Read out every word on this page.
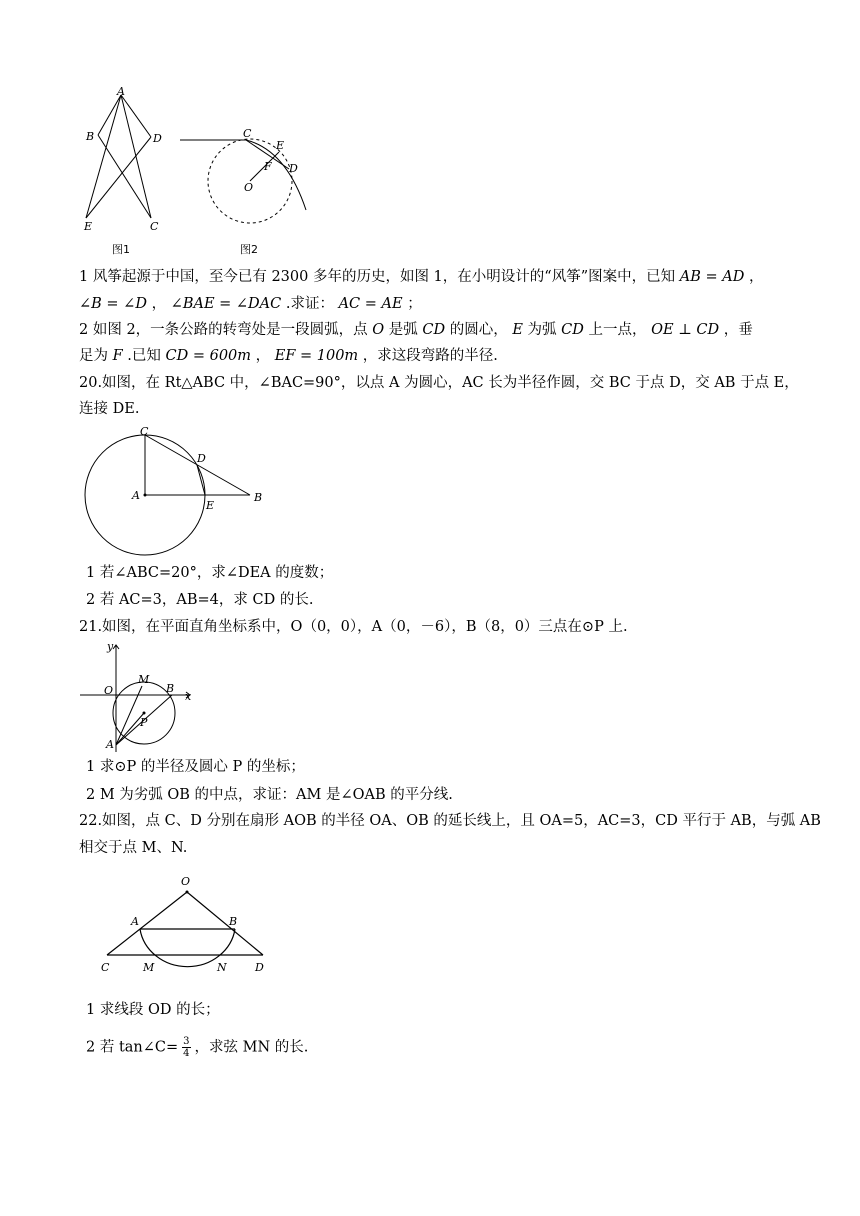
A
B	D
E	C
图1
C
E
F D
O
图2
1 风筝起源于中国，至今已有 2300 多年的历史，如图 1，在小明设计的“风筝”图案中，已知 AB = AD ，
∠B = ∠D ， ∠BAE = ∠DAC .求证： AC = AE ；
2 如图 2，一条公路的转弯处是一段圆弧，点 O 是弧 CD 的圆心， E 为弧 CD 上一点， OE ⊥ CD ，垂
足为 F .已知 CD = 600m ， EF = 100m ，求这段弯路的半径.
20.如图，在 Rt△ABC 中，∠BAC=90°，以点 A 为圆心，AC 长为半径作圆，交 BC 于点 D，交 AB 于点 E，
连接 DE.
C
D
A	B
E
1 若∠ABC=20°，求∠DEA 的度数；
2 若 AC=3，AB=4，求 CD 的长.
21.如图，在平面直角坐标系中，O（0，0），A（0，－6），B（8，0）三点在⊙P 上.
y
x
O
M
B
P
A
1 求⊙P 的半径及圆心 P 的坐标；
2 M 为劣弧 OB 的中点，求证：AM 是∠OAB 的平分线.
22.如图，点 C、D 分别在扇形 AOB 的半径 OA、OB 的延长线上，且 OA=5，AC=3，CD 平行于 AB，与弧 AB
相交于点 M、N.
O
A	B
C	M	N	D
1 求线段 OD 的长；
2 若 tan∠C= $\frac{3}{4}$ ，求弦 MN 的长.
